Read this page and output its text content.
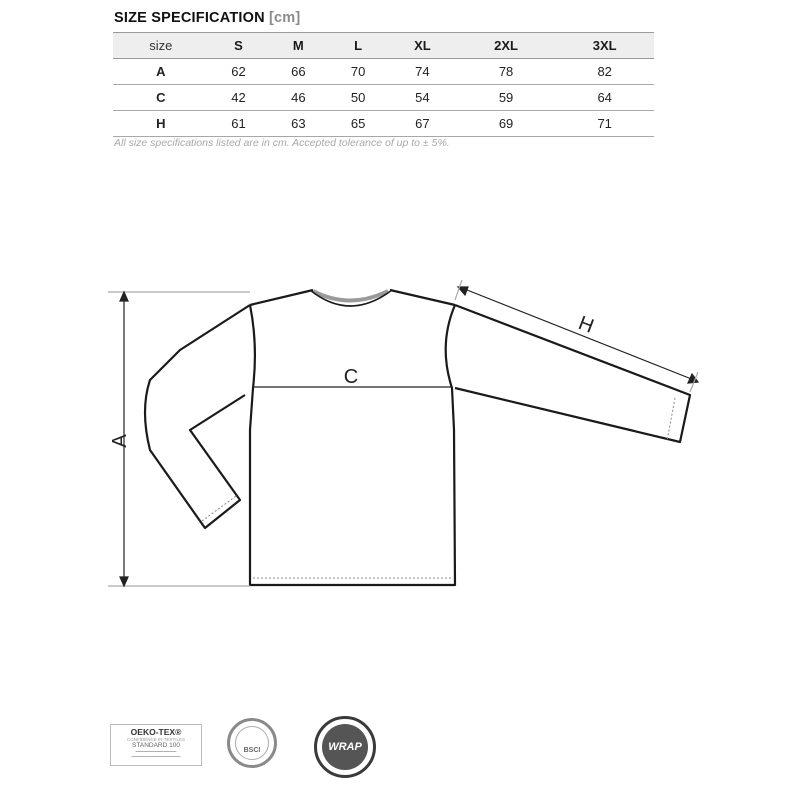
SIZE SPECIFICATION [cm]
size	S	M	L	XL	2XL	3XL
A	62	66	70	74	78	82
C	42	46	50	54	59	64
H	61	63	65	67	69	71
All size specifications listed are in cm. Accepted tolerance of up to ± 5%.
A
C
H
OEKO-TEX®
CONFIDENCE IN TEXTILES
STANDARD 100
━━━━━━━━━━━━━━━
━━━━━━━━━━━━━━━━━━
BSCI	WRAP
